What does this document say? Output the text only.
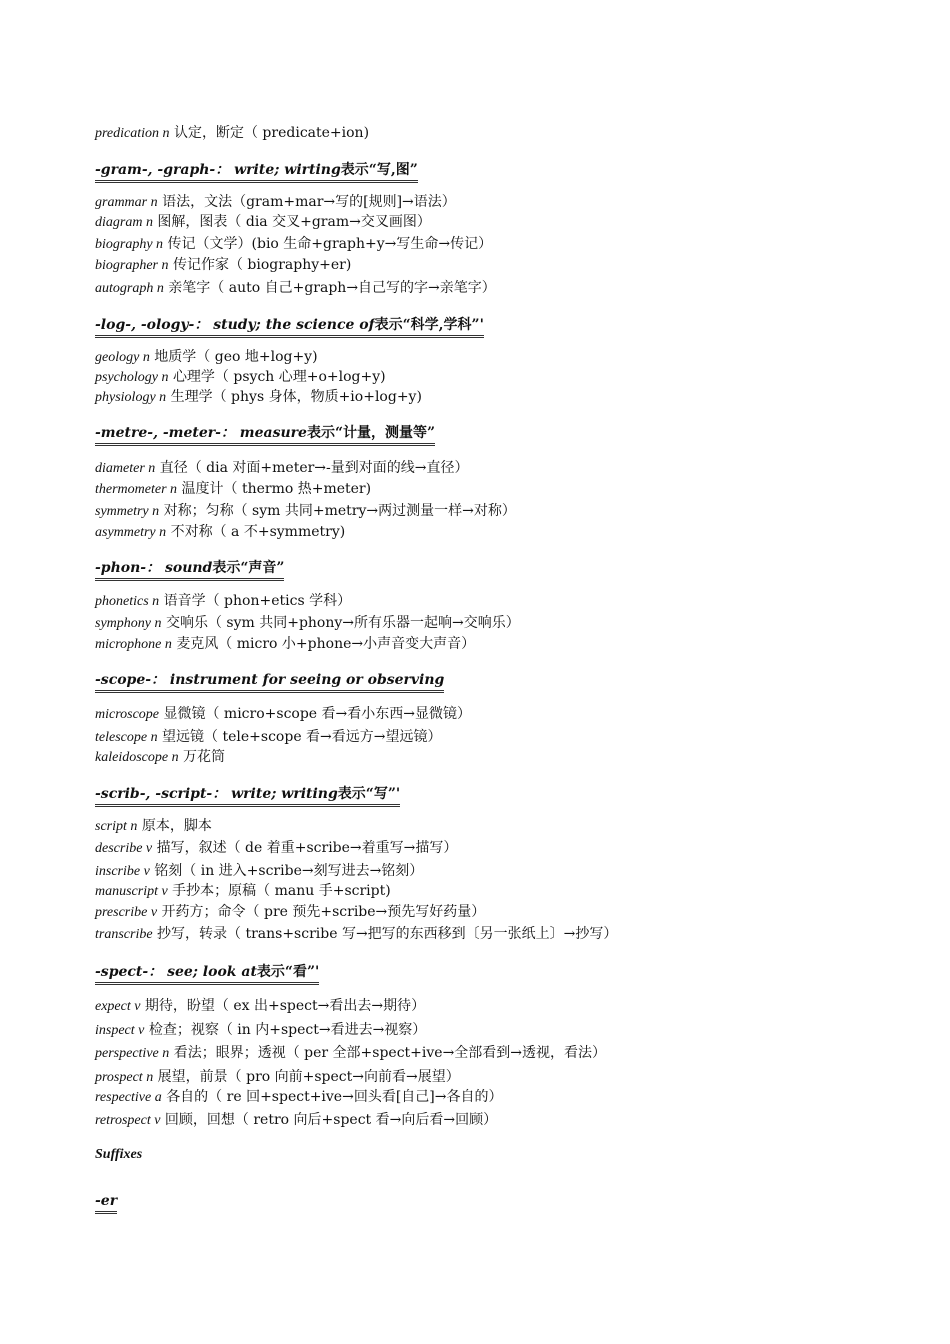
predication n 认定，断定（ predicate+ion)
-gram-, -graph-： write; wirting表示“写,图”
grammar n 语法，文法（gram+mar→写的[规则]→语法）
diagram n 图解，图表（ dia 交叉+gram→交叉画图）
biography n 传记（文学）(bio 生命+graph+y→写生命→传记）
biographer n 传记作家（ biography+er)
autograph n 亲笔字（ auto 自己+graph→自己写的字→亲笔字）
-log-, -ology-： study; the science of表示“科学,学科”'
geology n 地质学（ geo 地+log+y)
psychology n 心理学（ psych 心理+o+log+y)
physiology n 生理学（ phys 身体，物质+io+log+y)
-metre-, -meter-： measure表示“计量，测量等”
diameter n 直径（ dia 对面+meter→-量到对面的线→直径）
thermometer n 温度计（ thermo 热+meter)
symmetry n 对称；匀称（ sym 共同+metry→两过测量一样→对称）
asymmetry n 不对称（ a 不+symmetry)
-phon-： sound表示“声音”
phonetics n 语音学（ phon+etics 学科）
symphony n 交响乐（ sym 共同+phony→所有乐器一起响→交响乐）
microphone n 麦克风（ micro 小+phone→小声音变大声音）
-scope-： instrument for seeing or observing
microscope 显微镜（ micro+scope 看→看小东西→显微镜）
telescope n 望远镜（ tele+scope 看→看远方→望远镜）
kaleidoscope n 万花筒
-scrib-, -script-： write; writing表示“写”'
script n 原本，脚本
describe v 描写，叙述（ de 着重+scribe→着重写→描写）
inscribe v 铭刻（ in 进入+scribe→刻写进去→铭刻）
manuscript v 手抄本；原稿（ manu 手+script)
prescribe v 开药方；命令（ pre 预先+scribe→预先写好药量）
transcribe 抄写，转录（ trans+scribe 写→把写的东西移到〔另一张纸上〕→抄写）
-spect-： see; look at表示“看”'
expect v 期待，盼望（ ex 出+spect→看出去→期待）
inspect v 检查；视察（ in 内+spect→看进去→视察）
perspective n 看法；眼界；透视（ per 全部+spect+ive→全部看到→透视，看法）
prospect n 展望，前景（ pro 向前+spect→向前看→展望）
respective a 各自的（ re 回+spect+ive→回头看[自己]→各自的）
retrospect v 回顾，回想（ retro 向后+spect 看→向后看→回顾）
Suffixes
-er
